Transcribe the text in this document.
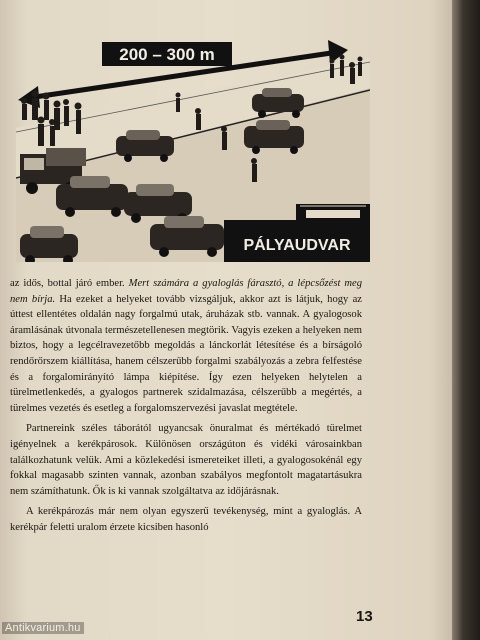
200 – 300 m
PÁLYAUDVAR

az idős, bottal járó ember. Mert számára a gyaloglás fárasztó, a lépcsőzést meg nem bírja. Ha ezeket a helyeket tovább vizsgáljuk, akkor azt is látjuk, hogy az úttest ellentétes oldalán nagy forgalmú utak, áruházak stb. vannak. A gyalogosok áramlásának útvonala természetellenesen megtörik. Vagyis ezeken a helyeken nem biztos, hogy a legcélravezetőbb megoldás a lánckorlát létesítése és a bírságoló rendőrőrszem kiállítása, hanem célszerűbb forgalmi szabályozás a zebra felfestése és a forgalomirányító lámpa kiépítése. Így ezen helyeken helytelen a türelmetlenkedés, a gyalogos partnerek szidalmazása, célszerűbb a megértés, a türelmes vezetés és esetleg a forgalomszervezési javaslat megtétele.

Partnereink széles táborától ugyancsak önuralmat és mértékadó türelmet igényelnek a kerékpárosok. Különösen országúton és vidéki városainkban találkozhatunk velük. Ami a közlekedési ismereteiket illeti, a gyalogosokénál egy fokkal magasabb szinten vannak, azonban szabályos megfontolt magatartásukra nem számíthatunk. Ők is ki vannak szolgáltatva az időjárásnak.

A kerékpározás már nem olyan egyszerű tevékenység, mint a gyaloglás. A kerékpár feletti uralom érzete kicsiben hasonló

13
Antikvarium.hu
